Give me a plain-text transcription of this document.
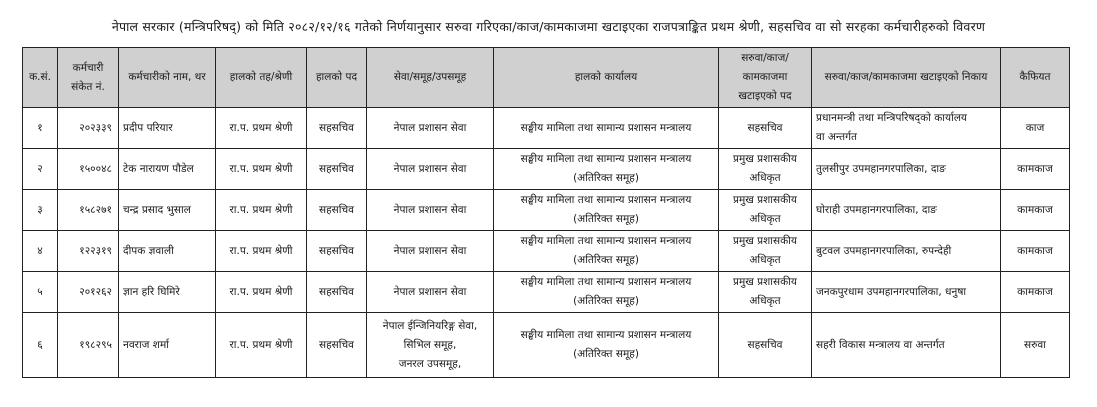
नेपाल सरकार (मन्त्रिपरिषद्) को मिति २०८२/१२/१६ गतेको निर्णयानुसार सरुवा गरिएका/काज/कामकाजमा खटाइएका राजपत्राङ्कित प्रथम श्रेणी, सहसचिव वा सो सरहका कर्मचारीहरुको विवरण
क.सं.	कर्मचारी
संकेत नं.	कर्मचारीको नाम, थर	हालको तह/श्रेणी	हालको पद	सेवा/समूह/उपसमूह	हालको कार्यालय	सरुवा/काज/
कामकाजमा
खटाइएको पद	सरुवा/काज/कामकाजमा खटाइएको निकाय	कैफियत
१	२०२३३९	प्रदीप परियार	रा.प. प्रथम श्रेणी	सहसचिव	नेपाल प्रशासन सेवा	सङ्घीय मामिला तथा सामान्य प्रशासन मन्त्रालय	सहसचिव	प्रधानमन्त्री तथा मन्त्रिपरिषद्को कार्यालय
वा अन्तर्गत	काज
२	१५००४८	टेक नारायण पौडेल	रा.प. प्रथम श्रेणी	सहसचिव	नेपाल प्रशासन सेवा	सङ्घीय मामिला तथा सामान्य प्रशासन मन्त्रालय
(अतिरिक्त समूह)	प्रमुख प्रशासकीय
अधिकृत	तुलसीपुर उपमहानगरपालिका, दाङ	कामकाज
३	१५८२७१	चन्द्र प्रसाद भुसाल	रा.प. प्रथम श्रेणी	सहसचिव	नेपाल प्रशासन सेवा	सङ्घीय मामिला तथा सामान्य प्रशासन मन्त्रालय
(अतिरिक्त समूह)	प्रमुख प्रशासकीय
अधिकृत	घोराही उपमहानगरपालिका, दाङ	कामकाज
४	१२२३१९	दीपक ज्ञवाली	रा.प. प्रथम श्रेणी	सहसचिव	नेपाल प्रशासन सेवा	सङ्घीय मामिला तथा सामान्य प्रशासन मन्त्रालय
(अतिरिक्त समूह)	प्रमुख प्रशासकीय
अधिकृत	बुटवल उपमहानगरपालिका, रुपन्देही	कामकाज
५	२०१२६२	ज्ञान हरि घिमिरे	रा.प. प्रथम श्रेणी	सहसचिव	नेपाल प्रशासन सेवा	सङ्घीय मामिला तथा सामान्य प्रशासन मन्त्रालय
(अतिरिक्त समूह)	प्रमुख प्रशासकीय
अधिकृत	जनकपुरधाम उपमहानगरपालिका, धनुषा	कामकाज
६	१९८२९५	नवराज शर्मा	रा.प. प्रथम श्रेणी	सहसचिव	नेपाल ईन्जिनियरिङ्ग सेवा,
सिभिल समूह,
जनरल उपसमूह,	सङ्घीय मामिला तथा सामान्य प्रशासन मन्त्रालय
(अतिरिक्त समूह)	सहसचिव	सहरी विकास मन्त्रालय वा अन्तर्गत	सरुवा
